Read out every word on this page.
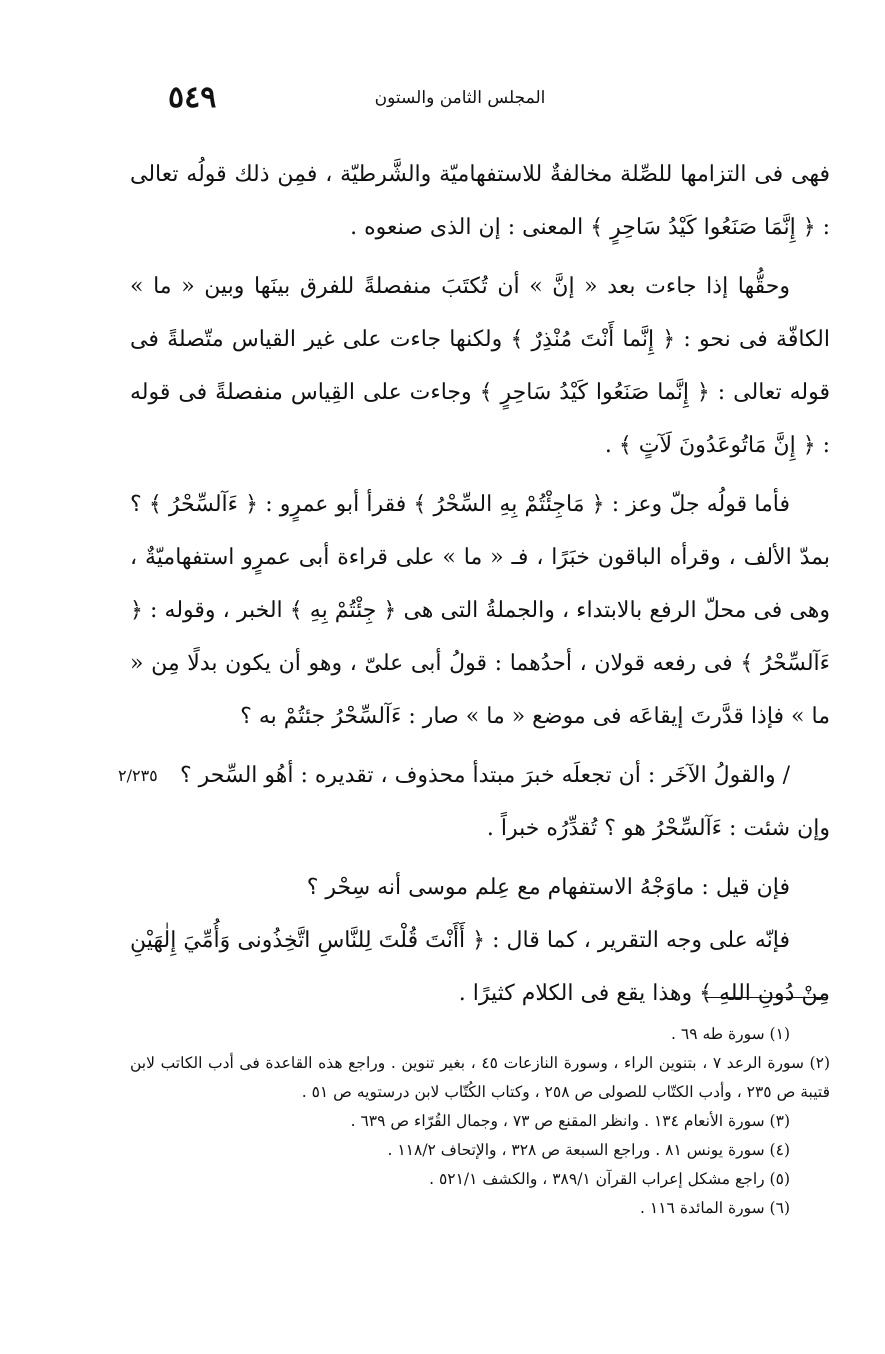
٥٤٩	المجلس الثامن والستون

فهى فى التزامها للصِّلة مخالفةٌ للاستفهاميّة والشَّرطيّة ، فمِن ذلك قولُه تعالى : ﴿ إِنَّمَا صَنَعُوا كَيْدُ سَاحِرٍ ﴾ المعنى : إن الذى صنعوه .

وحقُّها إذا جاءت بعد « إنَّ » أن تُكتَبَ منفصلةً للفرق بينَها وبين « ما » الكافّة فى نحو : ﴿ إِنَّما أَنْتَ مُنْذِرٌ ﴾ ولكنها جاءت على غير القياس متّصلةً فى قوله تعالى : ﴿ إِنَّما صَنَعُوا كَيْدُ سَاحِرٍ ﴾ وجاءت على القِياس منفصلةً فى قوله : ﴿ إِنَّ مَاتُوعَدُونَ لَآتٍ ﴾ .

فأما قولُه جلّ وعز : ﴿ مَاجِئْتُمْ بِهِ السِّحْرُ ﴾ فقرأ أبو عمرٍو : ﴿ ءَآلسِّحْرُ ﴾ ؟ بمدّ الألف ، وقرأه الباقون خبَرًا ، فـ « ما » على قراءة أبى عمرٍو استفهاميّةٌ ، وهى فى محلّ الرفع بالابتداء ، والجملةُ التى هى ﴿ جِئْتُمْ بِهِ ﴾ الخبر ، وقوله : ﴿ ءَآلسِّحْرُ ﴾ فى رفعه قولان ، أحدُهما : قولُ أبى علىّ ، وهو أن يكون بدلًا مِن « ما » فإذا قدَّرتَ إيقاعَه فى موضع « ما » صار : ءَآلسِّحْرُ جئتُمْ به ؟

/ والقولُ الآخَر : أن تجعلَه خبرَ مبتدأ محذوف ، تقديره : أهُو السِّحر ؟
٢/٢٣٥

وإن شئت : ءَآلسِّحْرُ هو ؟ تُقدِّرُه خبراً .

فإن قيل : ماوَجْهُ الاستفهام مع عِلم موسى أنه سِحْر ؟

فإنّه على وجه التقرير ، كما قال : ﴿ أَأَنْتَ قُلْتَ لِلنَّاسِ اتَّخِذُونى وَأُمِّيَ إِلٰهَيْنِ مِنْ دُونِ اللهِ ﴾ وهذا يقع فى الكلام كثيرًا .

(١) سورة طه ٦٩ .

(٢) سورة الرعد ٧ ، بتنوين الراء ، وسورة النازعات ٤٥ ، بغير تنوين . وراجع هذه القاعدة فى أدب الكاتب لابن قتيبة ص ٢٣٥ ، وأدب الكتّاب للصولى ص ٢٥٨ ، وكتاب الكُتّاب لابن درستويه ص ٥١ .

(٣) سورة الأنعام ١٣٤ . وانظر المقنع ص ٧٣ ، وجمال القُرّاء ص ٦٣٩ .

(٤) سورة يونس ٨١ . وراجع السبعة ص ٣٢٨ ، والإتحاف ١١٨/٢ .

(٥) راجع مشكل إعراب القرآن ٣٨٩/١ ، والكشف ٥٢١/١ .

(٦) سورة المائدة ١١٦ .
